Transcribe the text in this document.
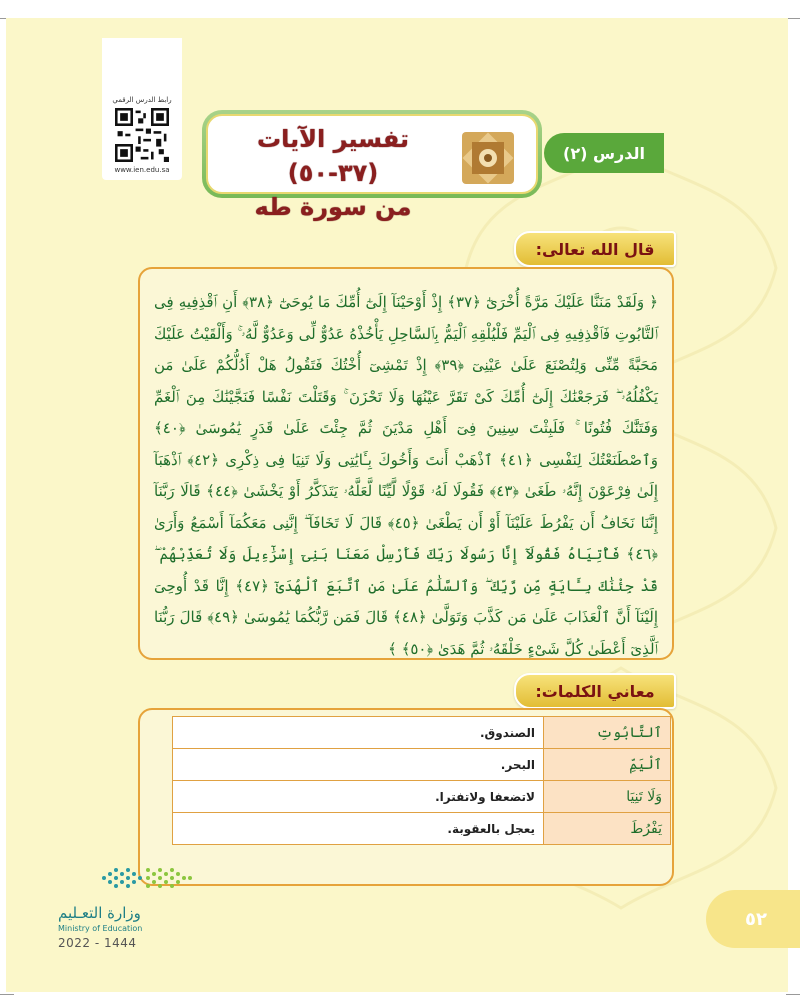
رابط الدرس الرقمي
www.ien.edu.sa
تفسير الآيات (٣٧-٥٠)
من سورة طه
الدرس (٢)
قال الله تعالى:
﴿ وَلَقَدْ مَنَنَّا عَلَيْكَ مَرَّةً أُخْرَىٰٓ ﴿٣٧﴾ إِذْ أَوْحَيْنَآ إِلَىٰٓ أُمِّكَ مَا يُوحَىٰٓ ﴿٣٨﴾ أَنِ ٱقْذِفِيهِ فِى ٱلتَّابُوتِ فَٱقْذِفِيهِ فِى ٱلْيَمِّ فَلْيُلْقِهِ ٱلْيَمُّ بِٱلسَّاحِلِ يَأْخُذْهُ عَدُوٌّ لِّى وَعَدُوٌّ لَّهُۥ ۚ وَأَلْقَيْتُ عَلَيْكَ مَحَبَّةً مِّنِّى وَلِتُصْنَعَ عَلَىٰ عَيْنِىٓ ﴿٣٩﴾ إِذْ تَمْشِىٓ أُخْتُكَ فَتَقُولُ هَلْ أَدُلُّكُمْ عَلَىٰ مَن يَكْفُلُهُۥ ۖ فَرَجَعْنَٰكَ إِلَىٰٓ أُمِّكَ كَىْ تَقَرَّ عَيْنُهَا وَلَا تَحْزَنَ ۚ وَقَتَلْتَ نَفْسًا فَنَجَّيْنَٰكَ مِنَ ٱلْغَمِّ وَفَتَنَّٰكَ فُتُونًا ۚ فَلَبِثْتَ سِنِينَ فِىٓ أَهْلِ مَدْيَنَ ثُمَّ جِئْتَ عَلَىٰ قَدَرٍ يَٰمُوسَىٰ ﴿٤٠﴾ وَٱصْطَنَعْتُكَ لِنَفْسِى ﴿٤١﴾ ٱذْهَبْ أَنتَ وَأَخُوكَ بِـَٔايَٰتِى وَلَا تَنِيَا فِى ذِكْرِى ﴿٤٢﴾ ٱذْهَبَآ إِلَىٰ فِرْعَوْنَ إِنَّهُۥ طَغَىٰ ﴿٤٣﴾ فَقُولَا لَهُۥ قَوْلًا لَّيِّنًا لَّعَلَّهُۥ يَتَذَكَّرُ أَوْ يَخْشَىٰ ﴿٤٤﴾ قَالَا رَبَّنَآ إِنَّنَا نَخَافُ أَن يَفْرُطَ عَلَيْنَآ أَوْ أَن يَطْغَىٰ ﴿٤٥﴾ قَالَ لَا تَخَافَآ ۖ إِنَّنِى مَعَكُمَآ أَسْمَعُ وَأَرَىٰ ﴿٤٦﴾ فَأْتِيَاهُ فَقُولَآ إِنَّا رَسُولَا رَبِّكَ فَأَرْسِلْ مَعَنَا بَنِىٓ إِسْرَٰٓءِيلَ وَلَا تُعَذِّبْهُمْ ۖ قَدْ جِئْنَٰكَ بِـَٔايَةٍ مِّن رَّبِّكَ ۖ وَٱلسَّلَٰمُ عَلَىٰ مَنِ ٱتَّبَعَ ٱلْهُدَىٰٓ ﴿٤٧﴾ إِنَّا قَدْ أُوحِىَ إِلَيْنَآ أَنَّ ٱلْعَذَابَ عَلَىٰ مَن كَذَّبَ وَتَوَلَّىٰ ﴿٤٨﴾ قَالَ فَمَن رَّبُّكُمَا يَٰمُوسَىٰ ﴿٤٩﴾ قَالَ رَبُّنَا ٱلَّذِىٓ أَعْطَىٰ كُلَّ شَىْءٍ خَلْقَهُۥ ثُمَّ هَدَىٰ ﴿٥٠﴾ ﴾
معاني الكلمات:
٥٢
ٱلتَّابُوتِ	الصندوق.
ٱلْيَمِّ	البحر.
وَلَا تَنِيَا	لاتضعفا ولاتفترا.
يَفْرُطَ	يعجل بالعقوبة.
وزارة التعـليم
Ministry of Education
2022 - 1444
